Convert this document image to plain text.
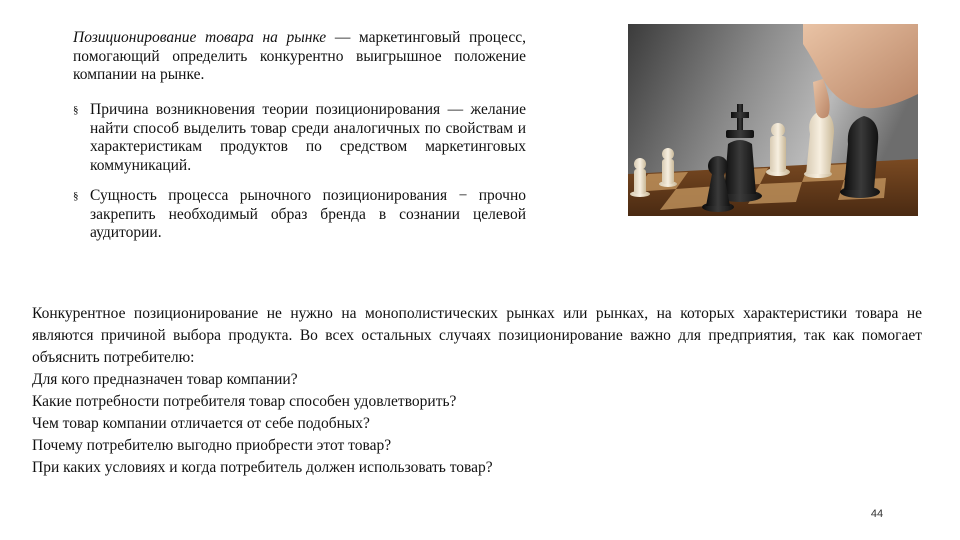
Позиционирование товара на рынке — маркетинговый процесс, помогающий определить конкурентно выигрышное положение компании на рынке.

§ Причина возникновения теории позиционирования — желание найти способ выделить товар среди аналогичных по свойствам и характеристикам продуктов по средством маркетинговых коммуникаций.
§ Сущность процесса рыночного позиционирования − прочно закрепить необходимый образ бренда в сознании целевой аудитории.
Конкурентное позиционирование не нужно на монополистических рынках или рынках, на которых характеристики товара не являются причиной выбора продукта. Во всех остальных случаях позиционирование важно для предприятия, так как помогает объяснить потребителю:
Для кого предназначен товар компании?
Какие потребности потребителя товар способен удовлетворить?
Чем товар компании отличается от себе подобных?
Почему потребителю выгодно приобрести этот товар?
При каких условиях и когда потребитель должен использовать товар?
44
